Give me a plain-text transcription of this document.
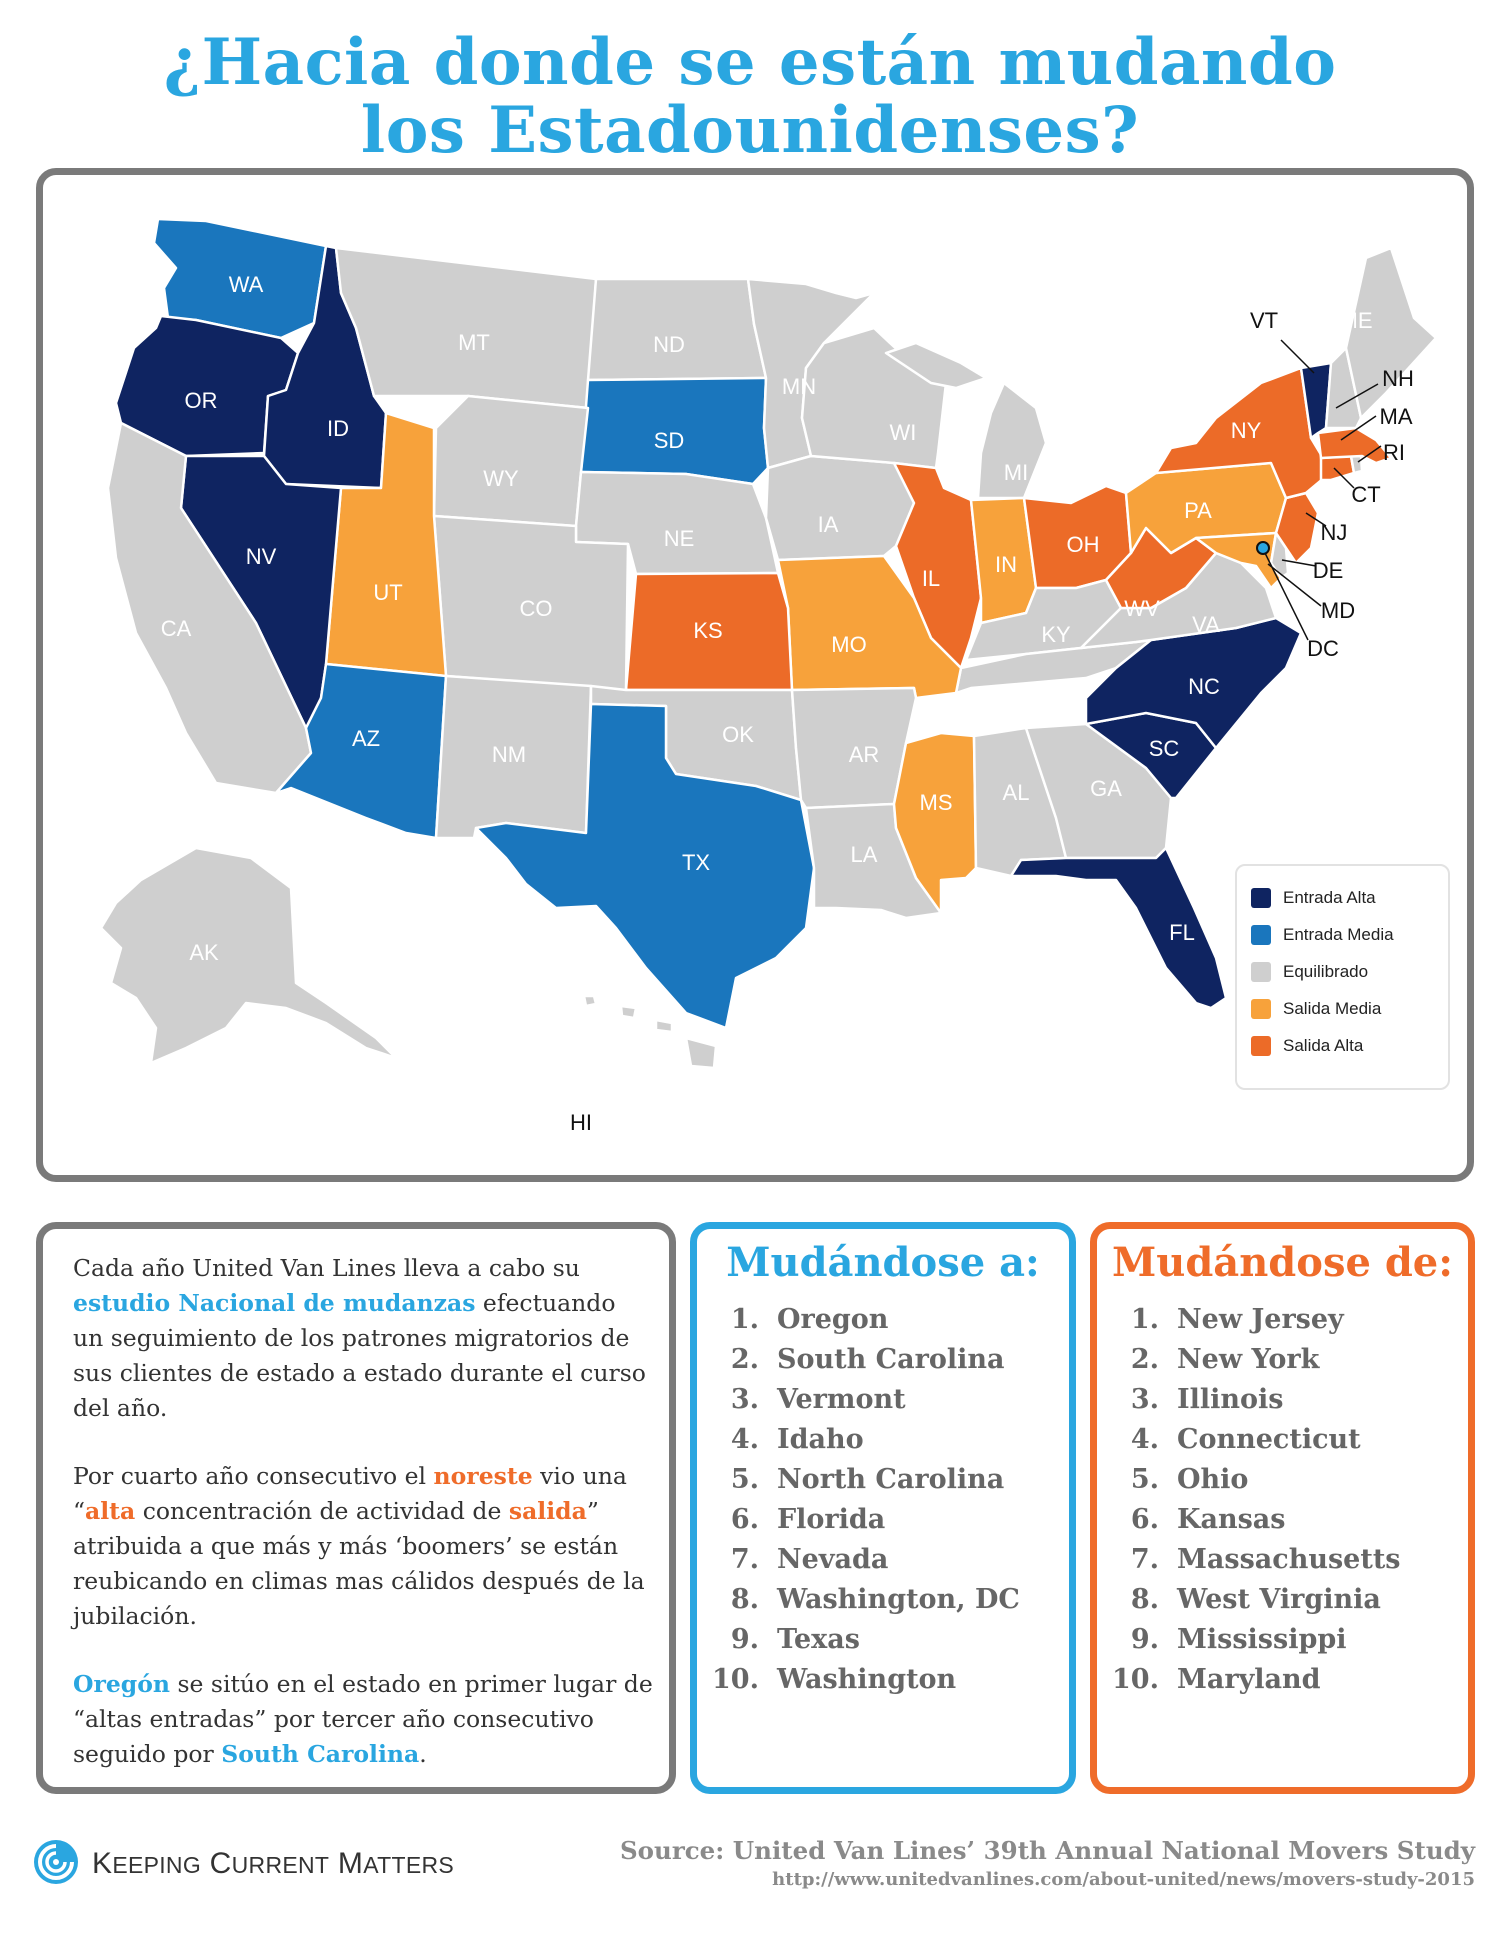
¿Hacia donde se están mudando
los Estadounidenses?
WA
OR
ID
MT	ND
SD
WY
NE
MN
IA
WI
MI
IL
IN
OH
KY
TN
MO
KS
CO
UT
NV
CA
AZ
NM
OK
TX
AR
LA
MS AL	GA
FL
SC
NC
VA
WV
PA
NY
ME
AK
HI
VT
NH
MA
RI
CT
NJ
DE
MD
DC
Entrada Alta
Entrada Media
Equilibrado
Salida Media
Salida Alta

Cada año United Van Lines lleva a cabo su estudio Nacional de mudanzas efectuando un seguimiento de los patrones migratorios de sus clientes de estado a estado durante el curso del año.

Por cuarto año consecutivo el noreste vio una “alta concentración de actividad de salida” atribuida a que más y más ‘boomers’ se están reubicando en climas mas cálidos después de la jubilación.

Oregón se sitúo en el estado en primer lugar de “altas entradas” por tercer año consecutivo seguido por South Carolina.

Mudándose a:
1. Oregon
2. South Carolina
3. Vermont
4. Idaho
5. North Carolina
6. Florida
7. Nevada
8. Washington, DC
9. Texas
10. Washington
Mudándose de:
1. New Jersey
2. New York
3. Illinois
4. Connecticut
5. Ohio
6. Kansas
7. Massachusetts
8. West Virginia
9. Mississippi
10. Maryland
KEEPING CURRENT MATTERS	Source: United Van Lines’ 39th Annual National Movers Study
http://www.unitedvanlines.com/about-united/news/movers-study-2015
